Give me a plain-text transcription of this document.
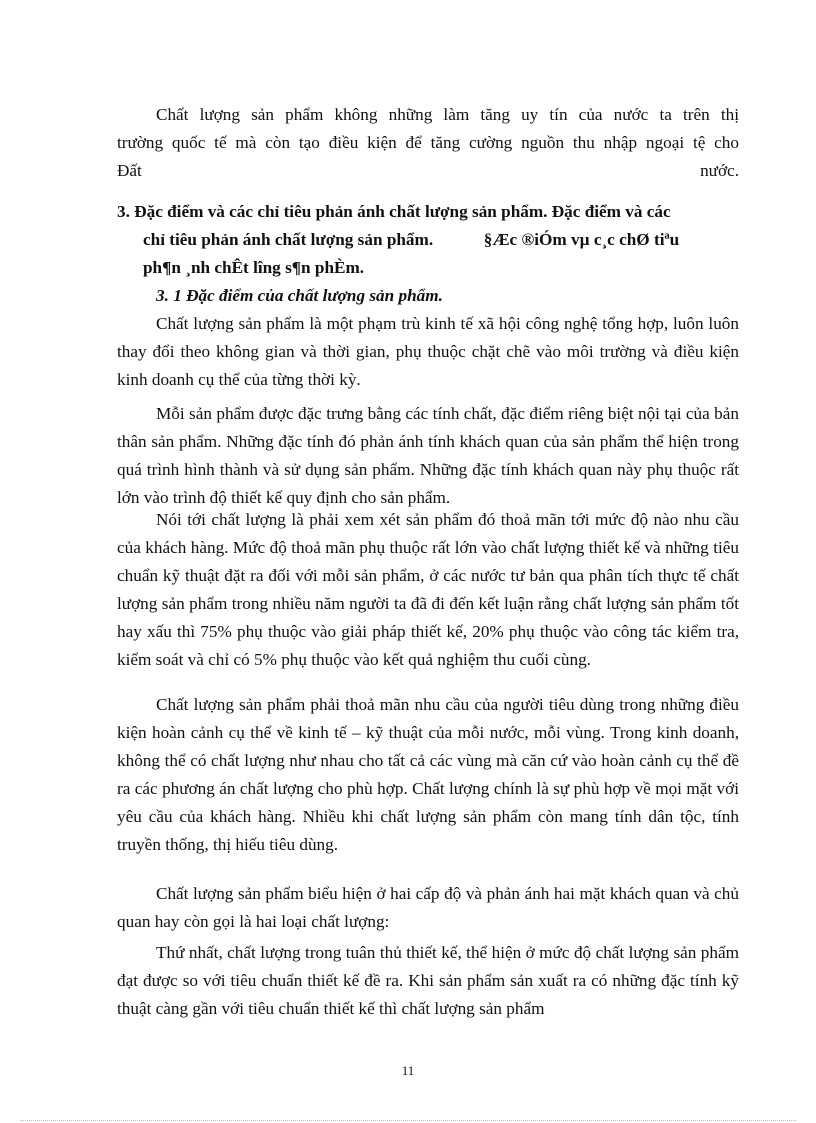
Chất lượng sản phẩm không những làm tăng uy tín của nước ta trên thị

trường quốc tế mà còn tạo điều kiện để tăng cường nguồn thu nhập ngoại tệ cho

Đất	nước.

3. Đặc điểm và các chỉ tiêu phản ánh chất lượng sản phẩm. Đặc điểm và các
chỉ tiêu phản ánh chất lượng sản phẩm.	§Æc ®iÓm vµ c¸c chØ tiªu
ph¶n ¸nh chÊt lîng s¶n phÈm.

3. 1 Đặc điểm của chất lượng sản phẩm.

Chất lượng sản phẩm là một phạm trù kinh tế xã hội công nghệ tổng hợp, luôn luôn thay đổi theo không gian và thời gian, phụ thuộc chặt chẽ vào môi trường và điều kiện kinh doanh cụ thể của từng thời kỳ.

Mỗi sản phẩm được đặc trưng bằng các tính chất, đặc điểm riêng biệt nội tại của bản thân sản phẩm. Những đặc tính đó phản ánh tính khách quan của sản phẩm thể hiện trong quá trình hình thành và sử dụng sản phẩm. Những đặc tính khách quan này phụ thuộc rất lớn vào trình độ thiết kế quy định cho sản phẩm.

Nói tới chất lượng là phải xem xét sản phẩm đó thoả mãn tới mức độ nào nhu cầu của khách hàng. Mức độ thoả mãn phụ thuộc rất lớn vào chất lượng thiết kế và những tiêu chuẩn kỹ thuật đặt ra đối với mỗi sản phẩm, ở các nước tư bản qua phân tích thực tế chất lượng sản phẩm trong nhiều năm người ta đã đi đến kết luận rằng chất lượng sản phẩm tốt hay xấu thì 75% phụ thuộc vào giải pháp thiết kế, 20% phụ thuộc vào công tác kiểm tra, kiểm soát và chỉ có 5% phụ thuộc vào kết quả nghiệm thu cuối cùng.

Chất lượng sản phẩm phải thoả mãn nhu cầu của người tiêu dùng trong những điều kiện hoàn cảnh cụ thể về kinh tế – kỹ thuật của mỗi nước, mỗi vùng. Trong kinh doanh, không thể có chất lượng như nhau cho tất cả các vùng mà căn cứ vào hoàn cảnh cụ thể đề ra các phương án chất lượng cho phù hợp. Chất lượng chính là sự phù hợp về mọi mặt với yêu cầu của khách hàng. Nhiều khi chất lượng sản phẩm còn mang tính dân tộc, tính truyền thống, thị hiếu tiêu dùng.

Chất lượng sản phẩm biểu hiện ở hai cấp độ và phản ánh hai mặt khách quan và chủ quan hay còn gọi là hai loại chất lượng:

Thứ nhất, chất lượng trong tuân thủ thiết kế, thể hiện ở mức độ chất lượng sản phẩm đạt được so với tiêu chuẩn thiết kế đề ra. Khi sản phẩm sản xuất ra có những đặc tính kỹ thuật càng gần với tiêu chuẩn thiết kế thì chất lượng sản phẩm

11
